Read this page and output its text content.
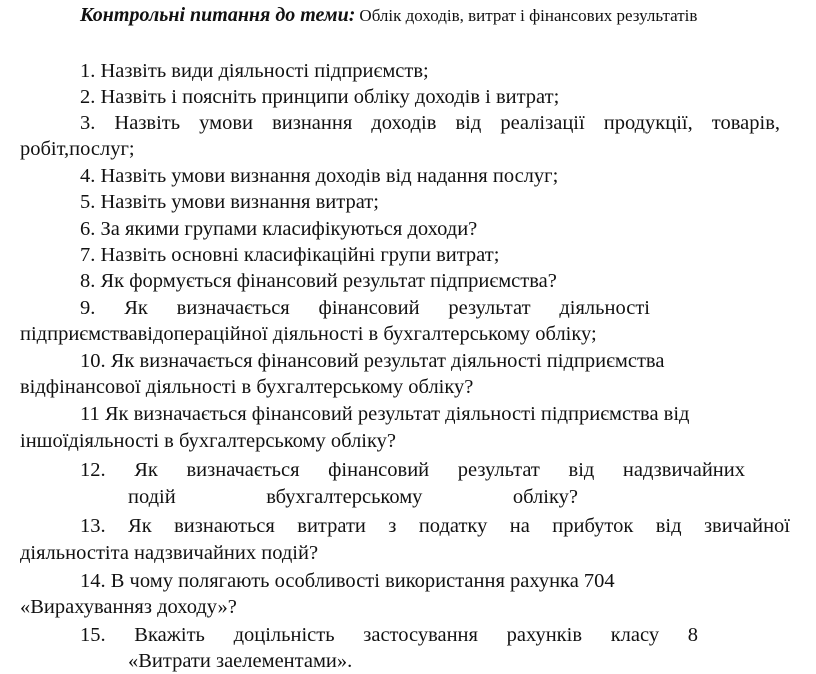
Контрольні питання до теми: Облік доходів, витрат і фінансових результатів
1. Назвіть види діяльності підприємств;
2. Назвіть і поясніть принципи обліку доходів і витрат;
3. Назвіть умови визнання доходів від реалізації продукції, товарів,
робіт,послуг;
4. Назвіть умови визнання доходів від надання послуг;
5. Назвіть умови визнання витрат;
6. За якими групами класифікуються доходи?
7. Назвіть основні класифікаційні групи витрат;
8. Як формується фінансовий результат підприємства?
9. Як визначається фінансовий результат діяльності
підприємствавідопераційної діяльності в бухгалтерському обліку;
10. Як визначається фінансовий результат діяльності підприємства
відфінансової діяльності в бухгалтерському обліку?
11 Як визначається фінансовий результат діяльності підприємства від
іншоїдіяльності в бухгалтерському обліку?
12. Як визначається фінансовий результат від надзвичайних
подій вбухгалтерському обліку?
13. Як визнаються витрати з податку на прибуток від звичайної
діяльностіта надзвичайних подій?
14. В чому полягають особливості використання рахунка 704
«Вирахуванняз доходу»?
15. Вкажіть доцільність застосування рахунків класу 8
«Витрати заелементами».
